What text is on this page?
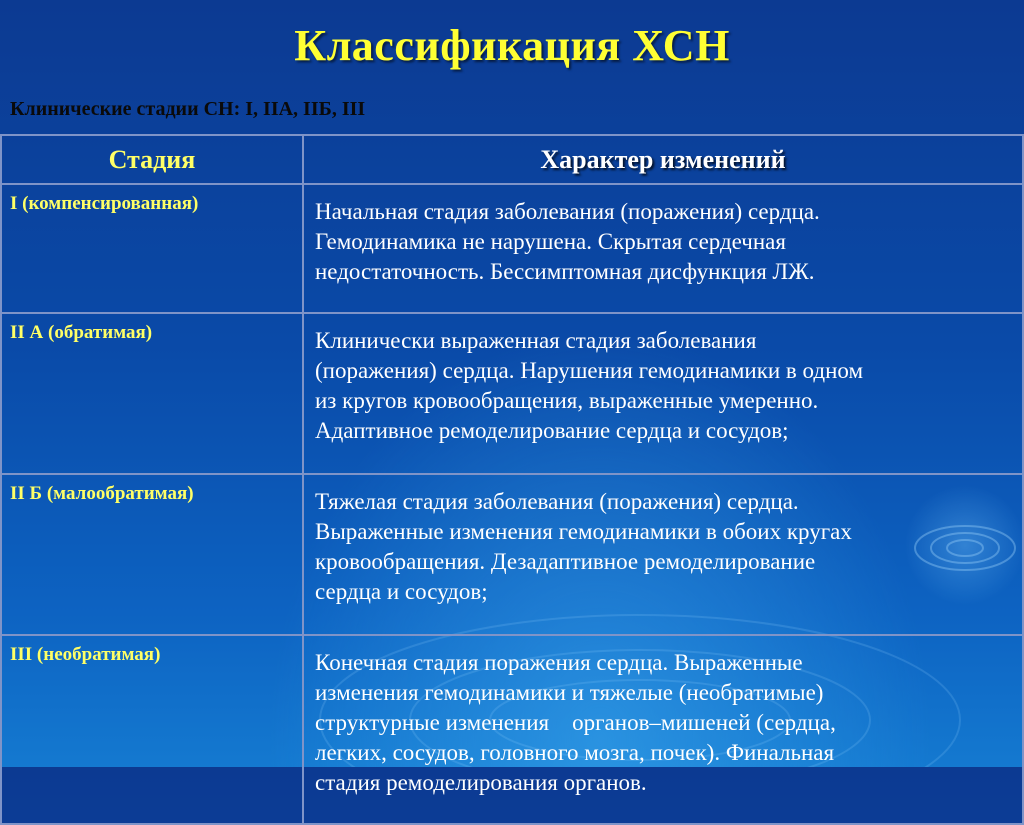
Классификация ХСН
Клинические стадии СН: I, IIА, IIБ, III
Стадия	Характер изменений
I (компенсированная)	Начальная стадия заболевания (поражения) сердца.
Гемодинамика не нарушена. Скрытая сердечная
недостаточность. Бессимптомная дисфункция ЛЖ.

II А (обратимая)	Клинически выраженная стадия заболевания
(поражения) сердца. Нарушения гемодинамики в одном
из кругов кровообращения, выраженные умеренно.
Адаптивное ремоделирование сердца и сосудов;

II Б (малообратимая)	Тяжелая стадия заболевания (поражения) сердца.
Выраженные изменения гемодинамики в обоих кругах
кровообращения. Дезадаптивное ремоделирование
сердца и сосудов;

III (необратимая)	Конечная стадия поражения сердца. Выраженные
изменения гемодинамики и тяжелые (необратимые)
структурные изменения    органов–мишеней (сердца,
легких, сосудов, головного мозга, почек). Финальная
стадия ремоделирования органов.
